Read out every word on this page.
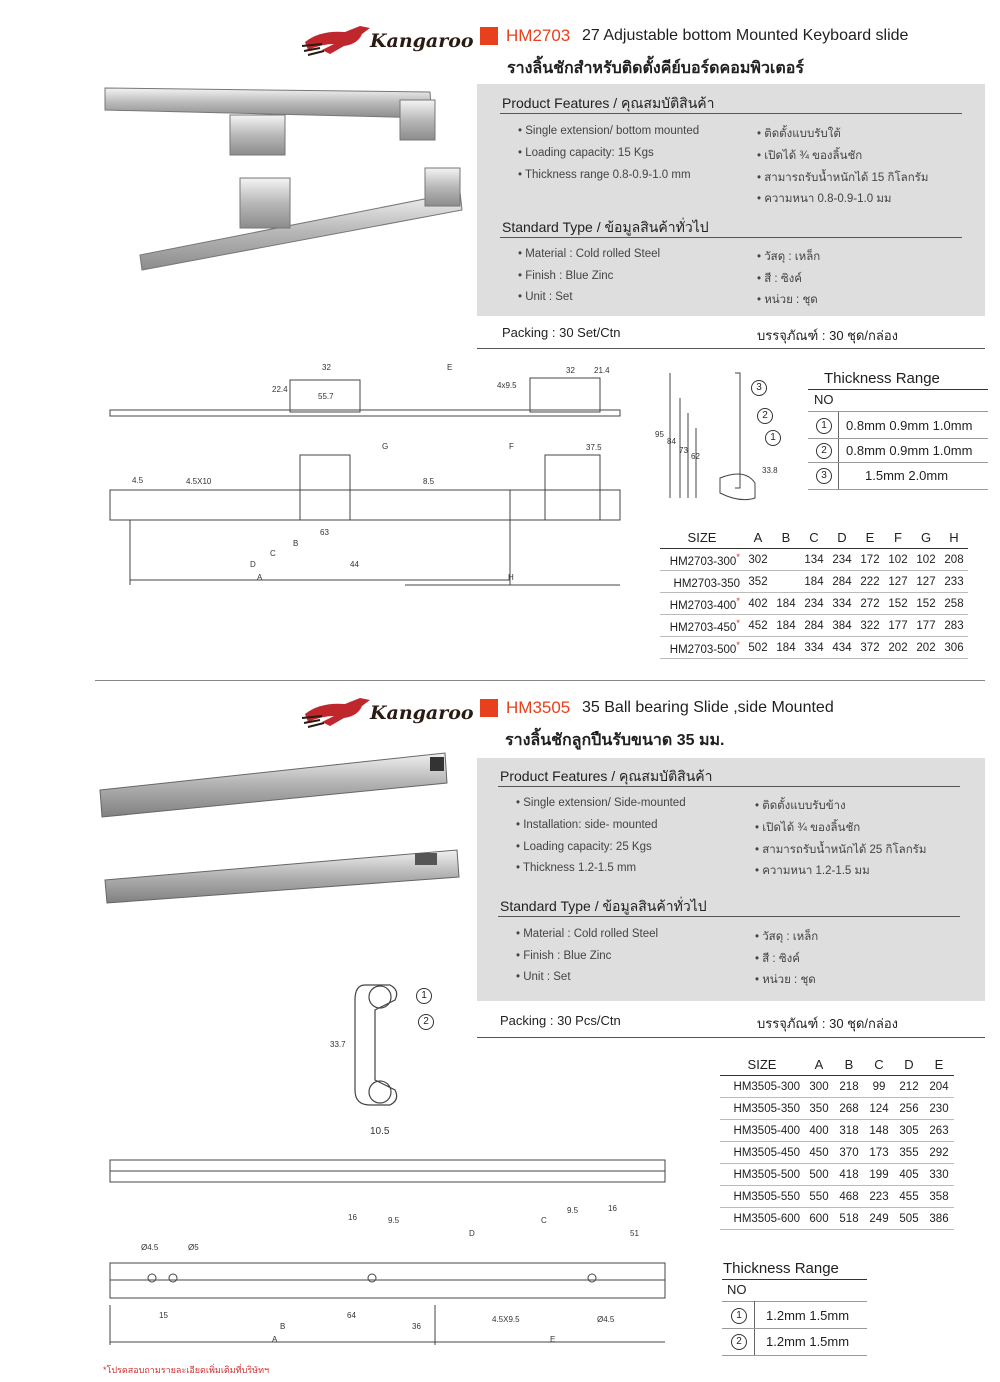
Kangaroo HM2703 27 Adjustable bottom Mounted Keyboard slide
รางลิ้นชักสำหรับติดตั้งคีย์บอร์ดคอมพิวเตอร์
Product Features / คุณสมบัติสินค้า
• Single extension/ bottom mounted
• Loading capacity: 15 Kgs
• Thickness range 0.8-0.9-1.0 mm
• ติดตั้งแบบรับใต้
• เปิดได้ ¾ ของลิ้นชัก
• สามารถรับน้ำหนักได้ 15 กิโลกรัม
• ความหนา 0.8-0.9-1.0 มม
Standard Type / ข้อมูลสินค้าทั่วไป
• Material : Cold rolled Steel
• Finish : Blue Zinc
• Unit : Set
• วัสดุ : เหล็ก
• สี : ซิงค์
• หน่วย : ชุด
Packing : 30 Set/Ctn	บรรจุภัณฑ์ : 30 ชุด/กล่อง
32	E	32 21.4
22.4
55.7
4x9.5
G	F	37.5
4.5	4.5X10	8.5
63
B
C
D	44
A	H
95
84
73
62
33.8
3
2
1
Thickness Range
NO
1	0.8mm 0.9mm 1.0mm
2	0.8mm 0.9mm 1.0mm
3	1.5mm 2.0mm
SIZE	A	B	C	D	E	F	G	H
HM2703-300*	302		134	234	172	102	102	208
HM2703-350	352		184	284	222	127	127	233
HM2703-400*	402	184	234	334	272	152	152	258
HM2703-450*	452	184	284	384	322	177	177	283
HM2703-500*	502	184	334	434	372	202	202	306
Kangaroo HM3505 35 Ball bearing Slide ,side Mounted
รางลิ้นชักลูกปืนรับขนาด 35 มม.
Product Features / คุณสมบัติสินค้า
• Single extension/ Side-mounted
• Installation: side- mounted
• Loading capacity: 25 Kgs
• Thickness 1.2-1.5 mm
• ติดตั้งแบบรับข้าง
• เปิดได้ ¾ ของลิ้นชัก
• สามารถรับน้ำหนักได้ 25 กิโลกรัม
• ความหนา 1.2-1.5 มม
Standard Type / ข้อมูลสินค้าทั่วไป
• Material : Cold rolled Steel
• Finish : Blue Zinc
• Unit : Set
• วัสดุ : เหล็ก
• สี : ซิงค์
• หน่วย : ชุด
Packing : 30 Pcs/Ctn	บรรจุภัณฑ์ : 30 ชุด/กล่อง
33.7
10.5
1
2
16	9.5	C
9.5	16
D	51
Ø4.5	Ø5
15
B
64
36
4.5X9.5	Ø4.5
A	E
SIZE	A	B	C	D	E
HM3505-300	300	218	99	212	204
HM3505-350	350	268	124	256	230
HM3505-400	400	318	148	305	263
HM3505-450	450	370	173	355	292
HM3505-500	500	418	199	405	330
HM3505-550	550	468	223	455	358
HM3505-600	600	518	249	505	386
Thickness Range
NO
1	1.2mm 1.5mm
2	1.2mm 1.5mm
*โปรดสอบถามรายละเอียดเพิ่มเติมที่บริษัทฯ
